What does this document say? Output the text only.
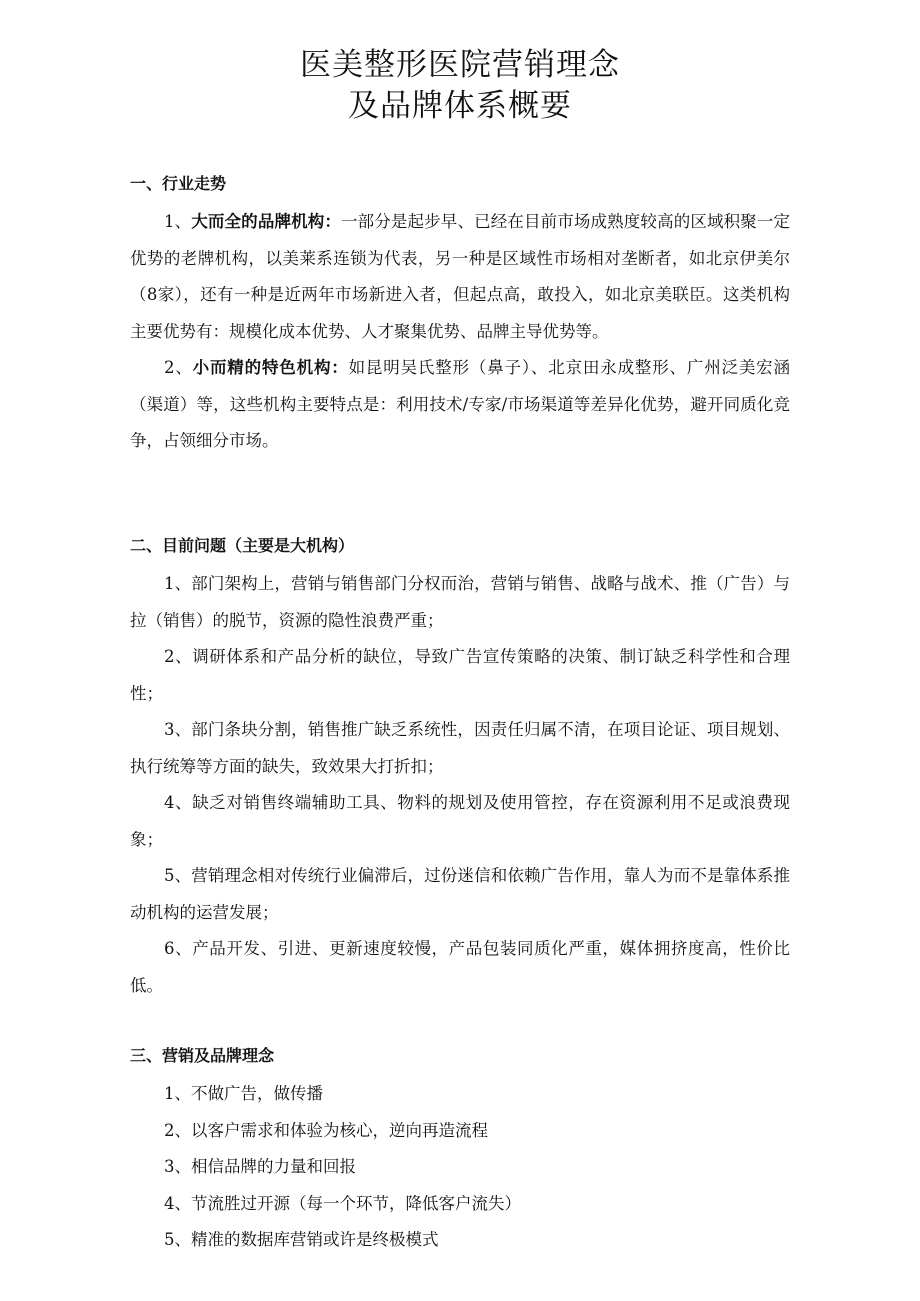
医美整形医院营销理念
及品牌体系概要

一、行业走势

1、大而全的品牌机构：一部分是起步早、已经在目前市场成熟度较高的区域积聚一定优势的老牌机构，以美莱系连锁为代表，另一种是区域性市场相对垄断者，如北京伊美尔（8家），还有一种是近两年市场新进入者，但起点高，敢投入，如北京美联臣。这类机构主要优势有：规模化成本优势、人才聚集优势、品牌主导优势等。

2、小而精的特色机构：如昆明吴氏整形（鼻子）、北京田永成整形、广州泛美宏涵（渠道）等，这些机构主要特点是：利用技术/专家/市场渠道等差异化优势，避开同质化竞争，占领细分市场。

二、目前问题（主要是大机构）

1、部门架构上，营销与销售部门分权而治，营销与销售、战略与战术、推（广告）与拉（销售）的脱节，资源的隐性浪费严重；

2、调研体系和产品分析的缺位，导致广告宣传策略的决策、制订缺乏科学性和合理性；

3、部门条块分割，销售推广缺乏系统性，因责任归属不清，在项目论证、项目规划、执行统筹等方面的缺失，致效果大打折扣；

4、缺乏对销售终端辅助工具、物料的规划及使用管控，存在资源利用不足或浪费现象；

5、营销理念相对传统行业偏滞后，过份迷信和依赖广告作用，靠人为而不是靠体系推动机构的运营发展；

6、产品开发、引进、更新速度较慢，产品包装同质化严重，媒体拥挤度高，性价比低。

三、营销及品牌理念

1、不做广告，做传播

2、以客户需求和体验为核心，逆向再造流程

3、相信品牌的力量和回报

4、节流胜过开源（每一个环节，降低客户流失）

5、精准的数据库营销或许是终极模式
